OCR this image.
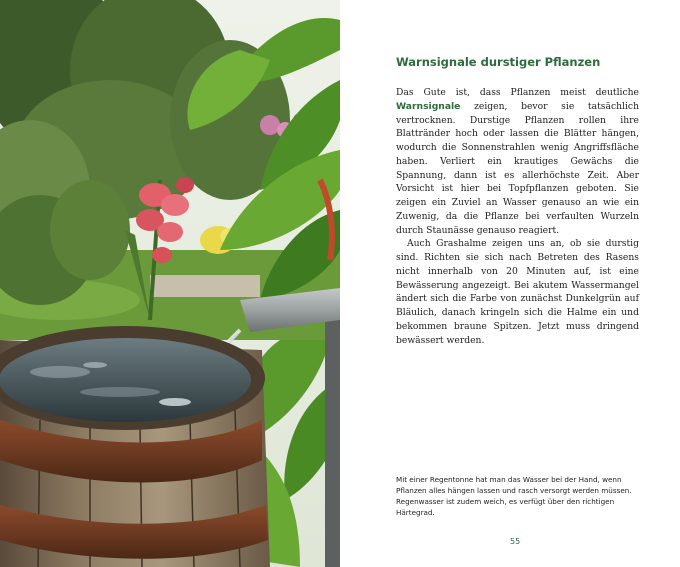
Warnsignale durstiger Pflanzen

Das Gute ist, dass Pflanzen meist deutliche Warnsignale zeigen, bevor sie tatsächlich vertrocknen. Durstige Pflanzen rollen ihre Blattränder hoch oder lassen die Blätter hängen, wodurch die Sonnenstrahlen wenig Angriffsfläche haben. Verliert ein krautiges Gewächs die Spannung, dann ist es allerhöchste Zeit. Aber Vorsicht ist hier bei Topfpflanzen geboten. Sie zeigen ein Zuviel an Wasser genauso an wie ein Zuwenig, da die Pflanze bei verfaulten Wurzeln durch Staunässe genauso reagiert.

Auch Grashalme zeigen uns an, ob sie durstig sind. Richten sie sich nach Betreten des Rasens nicht innerhalb von 20 Minuten auf, ist eine Bewässerung angezeigt. Bei akutem Wassermangel ändert sich die Farbe von zunächst Dunkelgrün auf Bläulich, danach kringeln sich die Halme ein und bekommen braune Spitzen. Jetzt muss dringend bewässert werden.

Mit einer Regentonne hat man das Wasser bei der Hand, wenn Pflanzen alles hängen lassen und rasch versorgt werden müssen. Regenwasser ist zudem weich, es verfügt über den richtigen Härtegrad.

55
